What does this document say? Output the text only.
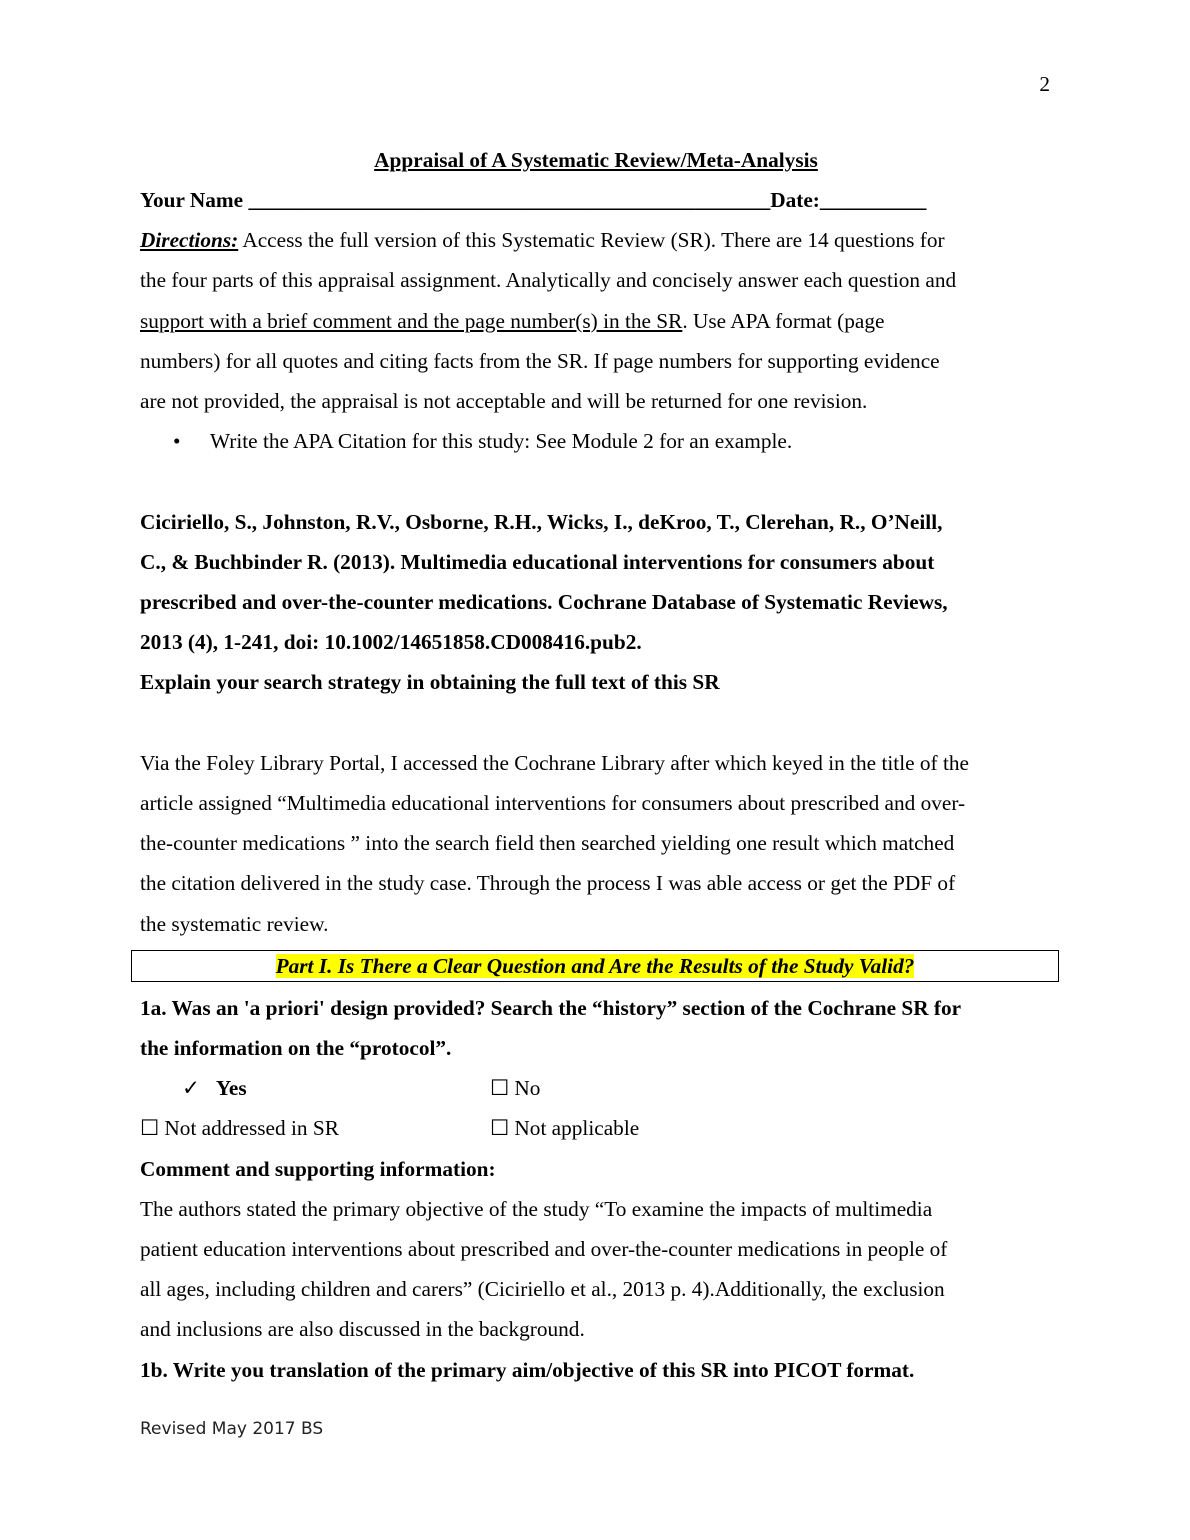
2
Appraisal of A Systematic Review/Meta-Analysis
Your Name _________________________________________________Date:__________
Directions: Access the full version of this Systematic Review (SR). There are 14 questions for
the four parts of this appraisal assignment. Analytically and concisely answer each question and
support with a brief comment and the page number(s) in the SR. Use APA format (page
numbers) for all quotes and citing facts from the SR. If page numbers for supporting evidence
are not provided, the appraisal is not acceptable and will be returned for one revision.
• Write the APA Citation for this study: See Module 2 for an example.
Ciciriello, S., Johnston, R.V., Osborne, R.H., Wicks, I., deKroo, T., Clerehan, R., O’Neill,
C., & Buchbinder R. (2013). Multimedia educational interventions for consumers about
prescribed and over-the-counter medications. Cochrane Database of Systematic Reviews,
2013 (4), 1-241, doi: 10.1002/14651858.CD008416.pub2.
Explain your search strategy in obtaining the full text of this SR
Via the Foley Library Portal, I accessed the Cochrane Library after which keyed in the title of the
article assigned “Multimedia educational interventions for consumers about prescribed and over-
the-counter medications ” into the search field then searched yielding one result which matched
the citation delivered in the study case. Through the process I was able access or get the PDF of
the systematic review.
Part I. Is There a Clear Question and Are the Results of the Study Valid?
1a. Was an 'a priori' design provided? Search the “history” section of the Cochrane SR for
the information on the “protocol”.
✓ Yes	☐ No
☐ Not addressed in SR	☐ Not applicable
Comment and supporting information:
The authors stated the primary objective of the study “To examine the impacts of multimedia
patient education interventions about prescribed and over-the-counter medications in people of
all ages, including children and carers” (Ciciriello et al., 2013 p. 4).Additionally, the exclusion
and inclusions are also discussed in the background.
1b. Write you translation of the primary aim/objective of this SR into PICOT format.
Revised May 2017 BS
